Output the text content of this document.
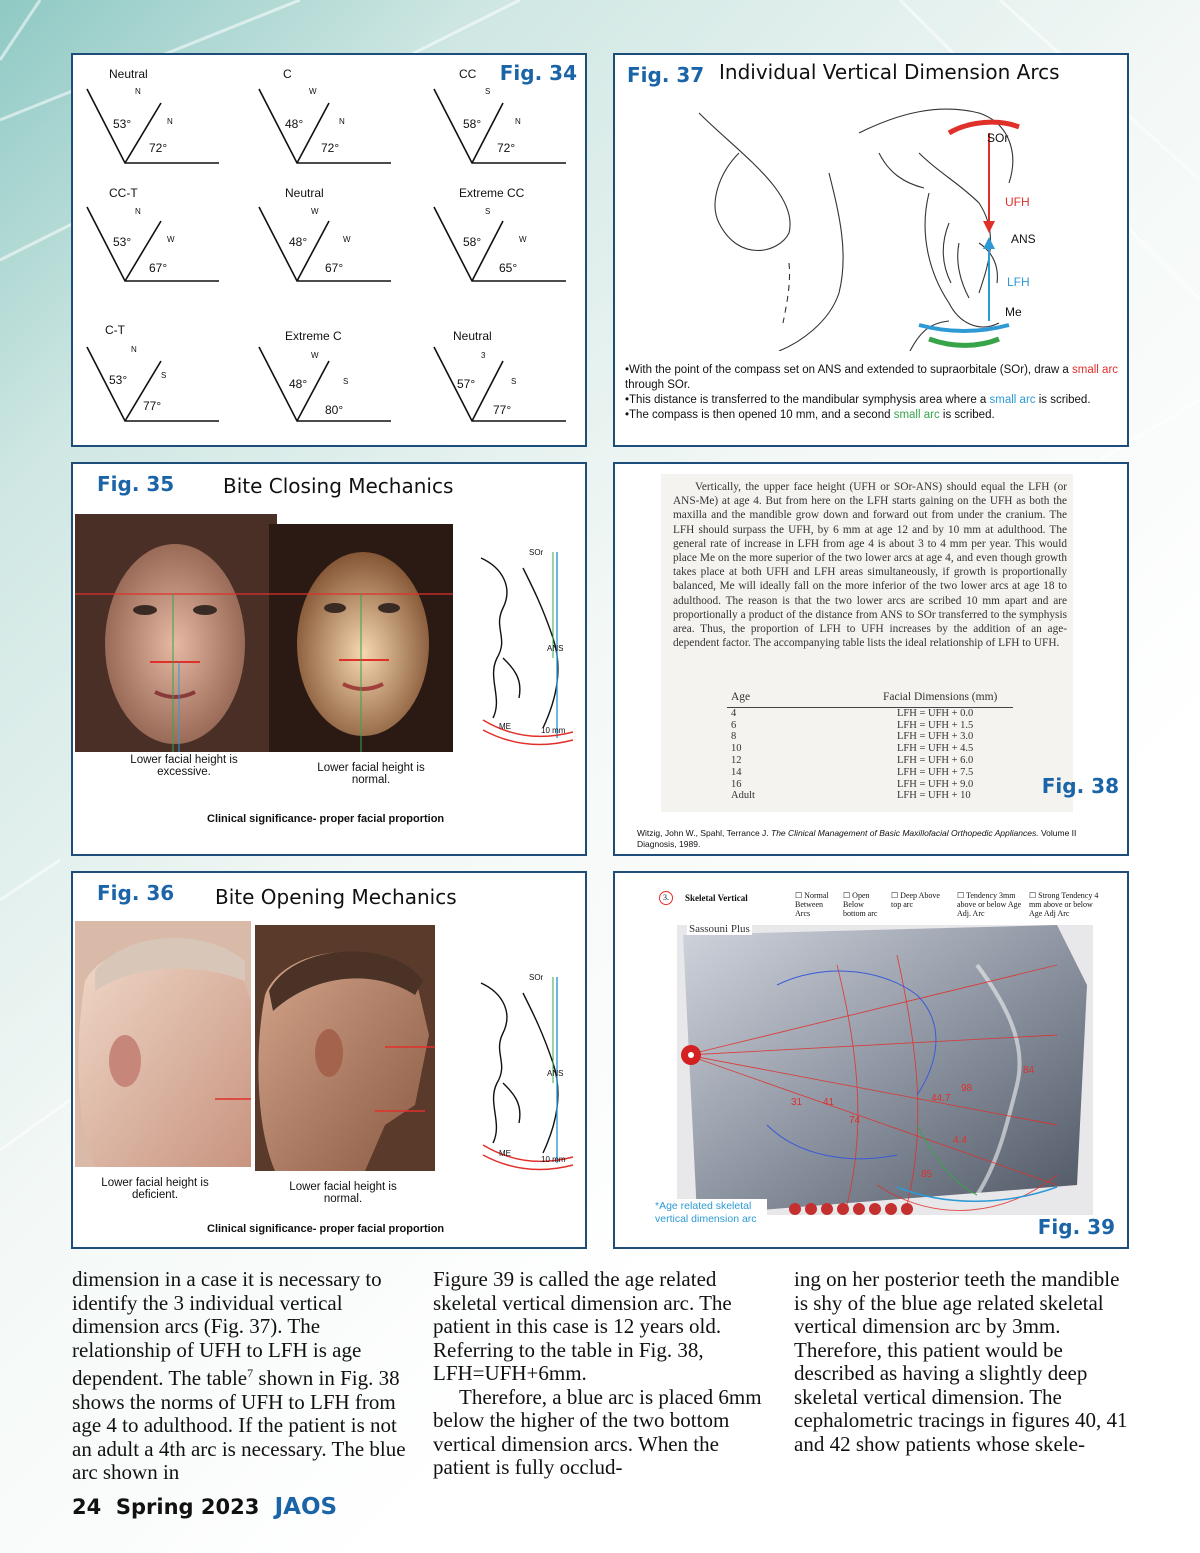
Fig. 34
Neutral
N
N
53°
72°
C
W
N
48°
72°
CC
S
N
58°
72°
CC-T
N
W
53°
67°
Neutral
W
W
48°
67°
Extreme CC
S
W
58°
65°
C-T
N
S
53°
77°
Extreme C
W
S
48°
80°
Neutral
3
S
57°
77°
Fig. 37 Individual Vertical Dimension Arcs
SOr
UFH
ANS
LFH
Me
•With the point of the compass set on ANS and extended to supraorbitale (SOr), draw a small arc through SOr.
•This distance is transferred to the mandibular symphysis area where a small arc is scribed.
•The compass is then opened 10 mm, and a second small arc is scribed.
Fig. 35 Bite Closing Mechanics
SOr
ANS
ME	10 mm
Lower facial height is excessive.	Lower facial height is normal.
Clinical significance- proper facial proportion
Vertically, the upper face height (UFH or SOr-ANS) should equal the LFH (or ANS-Me) at age 4. But from here on the LFH starts gaining on the UFH as both the maxilla and the mandible grow down and forward out from under the cranium. The LFH should surpass the UFH, by 6 mm at age 12 and by 10 mm at adulthood. The general rate of increase in LFH from age 4 is about 3 to 4 mm per year. This would place Me on the more superior of the two lower arcs at age 4, and even though growth takes place at both UFH and LFH areas simultaneously, if growth is proportionally balanced, Me will ideally fall on the more inferior of the two lower arcs at age 18 to adulthood. The reason is that the two lower arcs are scribed 10 mm apart and are proportionally a product of the distance from ANS to SOr transferred to the symphysis area. Thus, the proportion of LFH to UFH increases by the addition of an age-dependent factor. The accompanying table lists the ideal relationship of LFH to UFH.
Age	Facial Dimensions (mm)

4	LFH = UFH + 0.0
6	LFH = UFH + 1.5
8	LFH = UFH + 3.0
10	LFH = UFH + 4.5
12	LFH = UFH + 6.0
14	LFH = UFH + 7.5
16	LFH = UFH + 9.0
Adult	LFH = UFH + 10	Fig. 38
Witzig, John W., Spahl, Terrance J. The Clinical Management of Basic Maxillofacial Orthopedic Appliances. Volume II Diagnosis, 1989.
Fig. 36 Bite Opening Mechanics
SOr
ANS
ME
10 mm
Lower facial height is deficient.
Lower facial height is normal.
Clinical significance- proper facial proportion
3.	Skeletal Vertical	☐ Normal Between Arcs
☐ Open Below bottom arc
☐ Deep Above top arc
☐ Tendency 3mm above or below Age Adj. Arc
☐ Strong Tendency 4 mm above or below Age Adj Arc
Sassouni Plus
84
98
44.7
31 41
74
4.4
85
*Age related skeletal vertical dimension arc	Fig. 39

dimension in a case it is necessary to identify the 3 individual vertical dimension arcs (Fig. 37). The relationship of UFH to LFH is age dependent. The table$^7$ shown in Fig. 38 shows the norms of UFH to LFH from age 4 to adulthood. If the patient is not an adult a 4th arc is necessary. The blue arc shown in

Figure 39 is called the age related skeletal vertical dimension arc. The patient in this case is 12 years old. Referring to the table in Fig. 38, LFH=UFH+6mm.

Therefore, a blue arc is placed 6mm below the higher of the two bottom vertical dimension arcs. When the patient is fully occlud-

ing on her posterior teeth the mandible is shy of the blue age related skeletal vertical dimension arc by 3mm. Therefore, this patient would be described as having a slightly deep skeletal vertical dimension. The cephalometric tracings in figures 40, 41 and 42 show patients whose skele-

24 Spring 2023 JAOS
